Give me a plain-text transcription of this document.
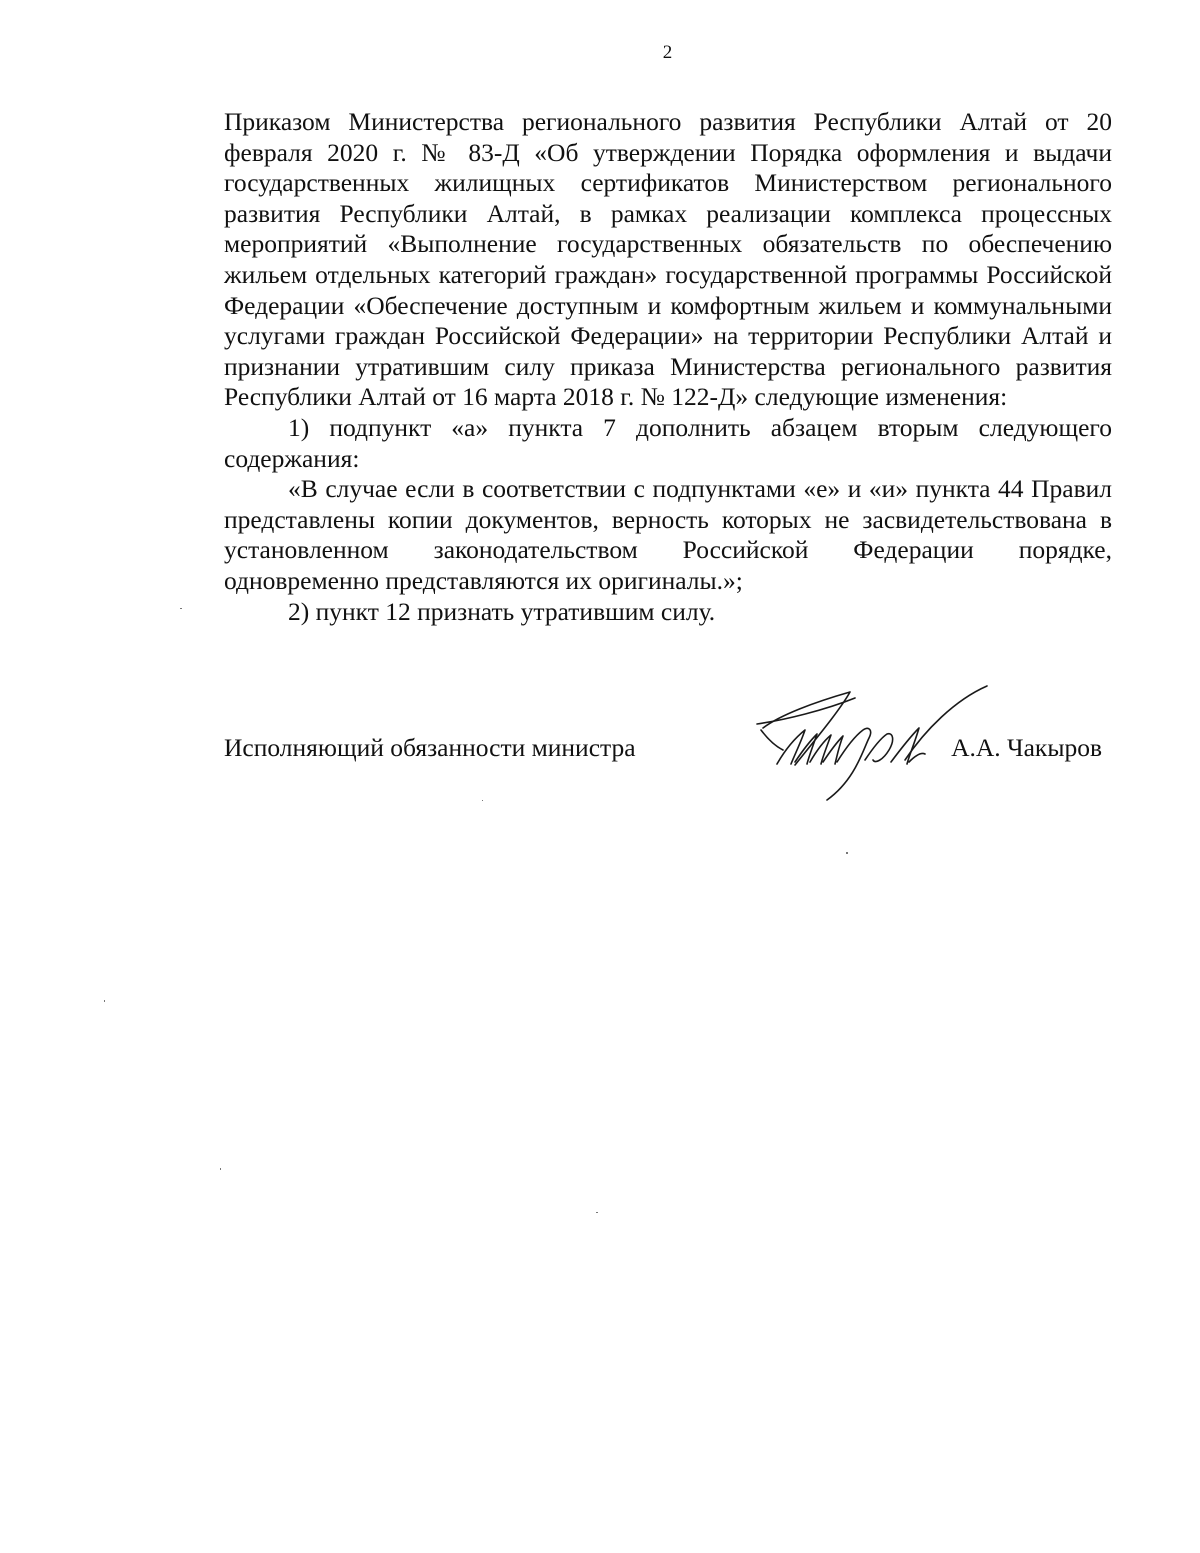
2

Приказом Министерства регионального развития Республики Алтай от 20 февраля 2020 г. № 83-Д «Об утверждении Порядка оформления и выдачи государственных жилищных сертификатов Министерством регионального развития Республики Алтай, в рамках реализации комплекса процессных мероприятий «Выполнение государственных обязательств по обеспечению жильем отдельных категорий граждан» государственной программы Российской Федерации «Обеспечение доступным и комфортным жильем и коммунальными услугами граждан Российской Федерации» на территории Республики Алтай и признании утратившим силу приказа Министерства регионального развития Республики Алтай от 16 марта 2018 г. № 122-Д» следующие изменения:

1) подпункт «а» пункта 7 дополнить абзацем вторым следующего содержания:

«В случае если в соответствии с подпунктами «е» и «и» пункта 44 Правил представлены копии документов, верность которых не засвидетельствована в установленном законодательством Российской Федерации порядке, одновременно представляются их оригиналы.»;

2) пункт 12 признать утратившим силу.

Исполняющий обязанности министра	А.А. Чакыров
